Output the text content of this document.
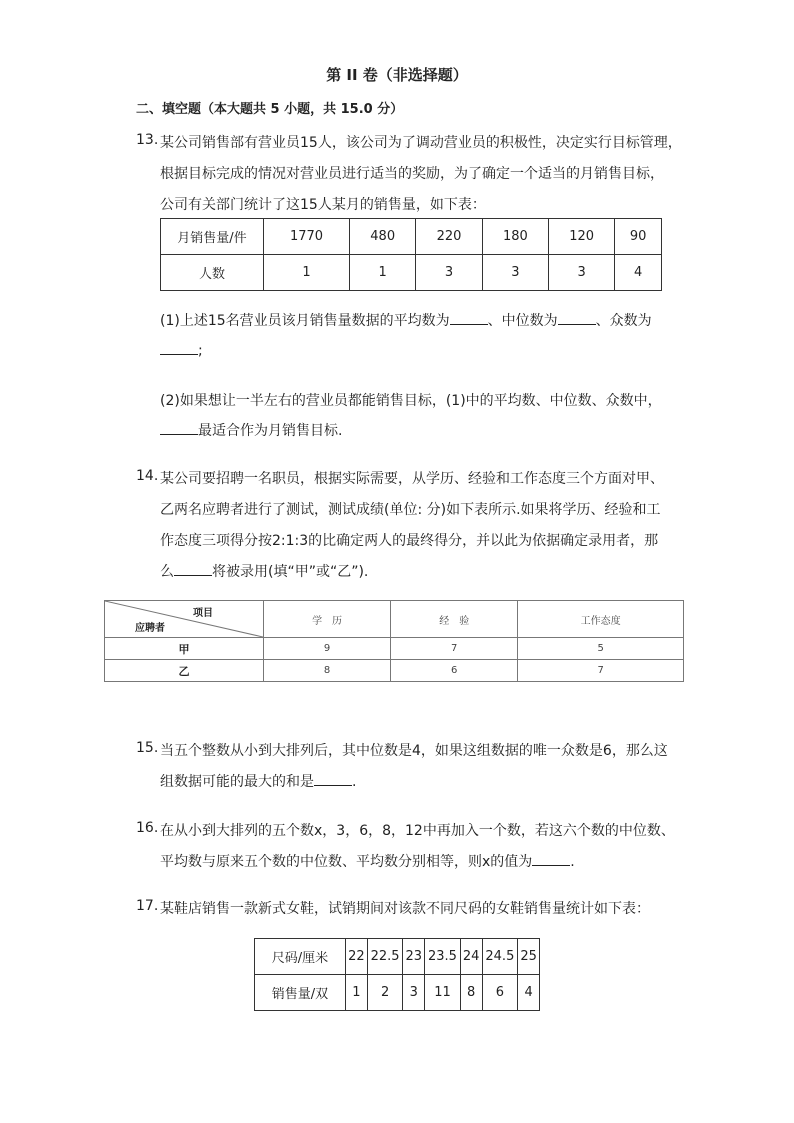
第 II 卷（非选择题）
二、填空题（本大题共 5 小题，共 15.0 分）
13. 某公司销售部有营业员15人，该公司为了调动营业员的积极性，决定实行目标管理，
根据目标完成的情况对营业员进行适当的奖励，为了确定一个适当的月销售目标，
公司有关部门统计了这15人某月的销售量，如下表：
月销售量/件	1770	480	220	180	120	90
人数	1	1	3	3	3	4
(1)上述15名营业员该月销售量数据的平均数为	、中位数为	、众数为
;
(2)如果想让一半左右的营业员都能销售目标，(1)中的平均数、中位数、众数中，
最适合作为月销售目标.
14. 某公司要招聘一名职员，根据实际需要，从学历、经验和工作态度三个方面对甲、
乙两名应聘者进行了测试，测试成绩(单位: 分)如下表所示.如果将学历、经验和工
作态度三项得分按2:1:3的比确定两人的最终得分，并以此为依据确定录用者，那
么	将被录用(填“甲”或“乙”).
项目
应聘者	学　历	经　验	工作态度
甲	9	7	5
乙	8	6	7
15. 当五个整数从小到大排列后，其中位数是4，如果这组数据的唯一众数是6，那么这
组数据可能的最大的和是	.
16. 在从小到大排列的五个数x，3，6，8，12中再加入一个数，若这六个数的中位数、
平均数与原来五个数的中位数、平均数分别相等，则x的值为	.
17. 某鞋店销售一款新式女鞋，试销期间对该款不同尺码的女鞋销售量统计如下表：
尺码/厘米	22	22.5	23	23.5	24	24.5	25
销售量/双	1	2	3	11	8	6	4
